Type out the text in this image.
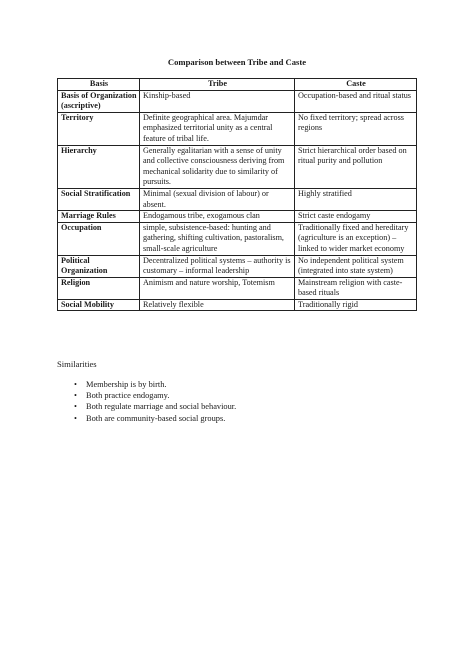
Comparison between Tribe and Caste
Basis	Tribe	Caste
Basis of Organization (ascriptive)	Kinship-based	Occupation-based and ritual status
Territory	Definite geographical area. Majumdar emphasized territorial unity as a central feature of tribal life.	No fixed territory; spread across regions
Hierarchy	Generally egalitarian with a sense of unity and collective consciousness deriving from mechanical solidarity due to similarity of pursuits.	Strict hierarchical order based on ritual purity and pollution
Social Stratification	Minimal (sexual division of labour) or absent.	Highly stratified
Marriage Rules	Endogamous tribe, exogamous clan	Strict caste endogamy
Occupation	simple, subsistence-based: hunting and gathering, shifting cultivation, pastoralism, small-scale agriculture	Traditionally fixed and hereditary (agriculture is an exception) – linked to wider market economy
Political Organization	Decentralized political systems – authority is customary – informal leadership	No independent political system (integrated into state system)
Religion	Animism and nature worship, Totemism	Mainstream religion with caste-based rituals
Social Mobility	Relatively flexible	Traditionally rigid
Similarities
• Membership is by birth.
• Both practice endogamy.
• Both regulate marriage and social behaviour.
• Both are community-based social groups.
